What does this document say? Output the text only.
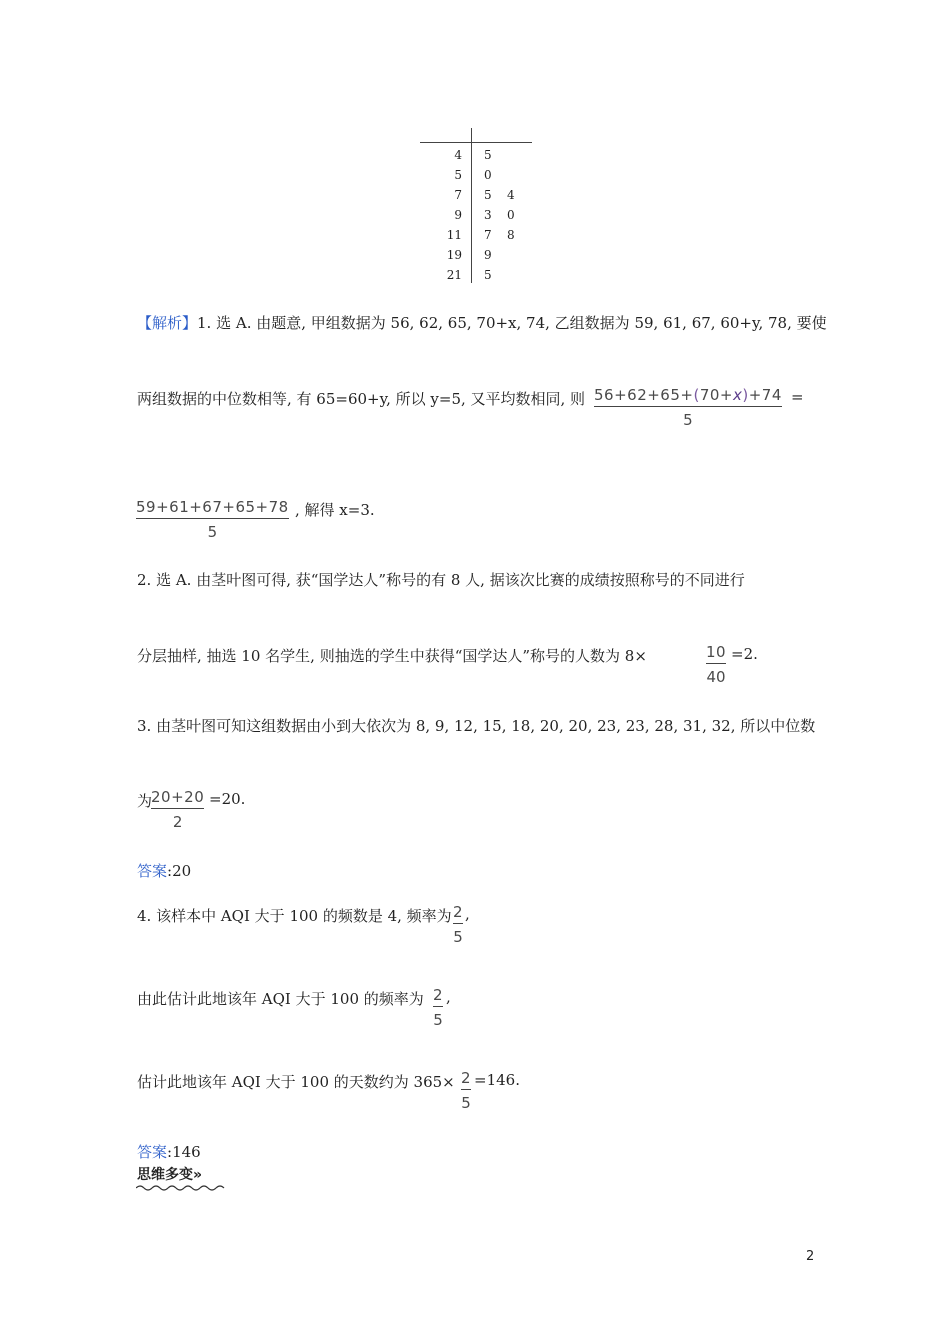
4 5
5 0
7 5 4
9 3 0
11 7 8
19 9
21 5
【解析】1. 选 A. 由题意, 甲组数据为 56, 62, 65, 70+x, 74, 乙组数据为 59, 61, 67, 60+y, 78, 要使
两组数据的中位数相等, 有 65=60+y, 所以 y=5, 又平均数相同, 则 $\frac{56+62+65+(70+x)+74}{5}$ =
$\frac{59+61+67+65+78}{5}$ , 解得 x=3.
2. 选 A. 由茎叶图可得, 获“国学达人”称号的有 8 人, 据该次比赛的成绩按照称号的不同进行
分层抽样, 抽选 10 名学生, 则抽选的学生中获得“国学达人”称号的人数为 8×	$\frac{10}{40} =2$.
3. 由茎叶图可知这组数据由小到大依次为 8, 9, 12, 15, 18, 20, 20, 23, 23, 28, 31, 32, 所以中位数
为
$\frac{20+20}{2} =20$.
答案:20
4. 该样本中 AQI 大于 100 的频数是 4, 频率为 $\frac{2}{5}$ ,
由此估计此地该年 AQI 大于 100 的频率为 $\frac{2}{5}$ ,
估计此地该年 AQI 大于 100 的天数约为 $365\times \frac{2}{5} =146$.
答案:146
思维多变»
2
